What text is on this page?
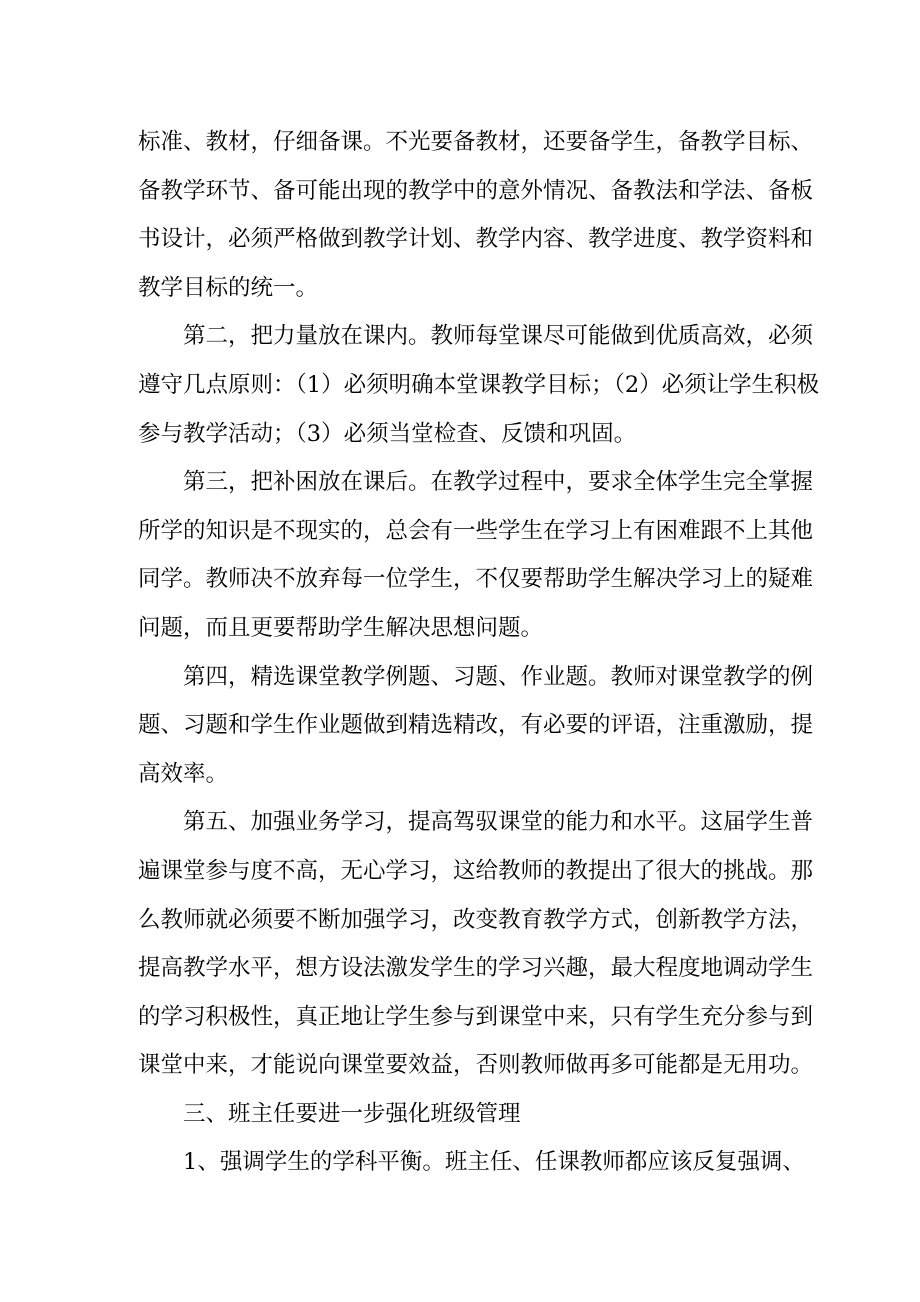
标准、教材，仔细备课。不光要备教材，还要备学生，备教学目标、
备教学环节、备可能出现的教学中的意外情况、备教法和学法、备板
书设计，必须严格做到教学计划、教学内容、教学进度、教学资料和
教学目标的统一。
第二，把力量放在课内。教师每堂课尽可能做到优质高效，必须
遵守几点原则：（1）必须明确本堂课教学目标；（2）必须让学生积极
参与教学活动；（3）必须当堂检查、反馈和巩固。
第三，把补困放在课后。在教学过程中，要求全体学生完全掌握
所学的知识是不现实的，总会有一些学生在学习上有困难跟不上其他
同学。教师决不放弃每一位学生，不仅要帮助学生解决学习上的疑难
问题，而且更要帮助学生解决思想问题。
第四，精选课堂教学例题、习题、作业题。教师对课堂教学的例
题、习题和学生作业题做到精选精改，有必要的评语，注重激励，提
高效率。
第五、加强业务学习，提高驾驭课堂的能力和水平。这届学生普
遍课堂参与度不高，无心学习，这给教师的教提出了很大的挑战。那
么教师就必须要不断加强学习，改变教育教学方式，创新教学方法，
提高教学水平，想方设法激发学生的学习兴趣，最大程度地调动学生
的学习积极性，真正地让学生参与到课堂中来，只有学生充分参与到
课堂中来，才能说向课堂要效益，否则教师做再多可能都是无用功。
三、班主任要进一步强化班级管理
1、强调学生的学科平衡。班主任、任课教师都应该反复强调、
